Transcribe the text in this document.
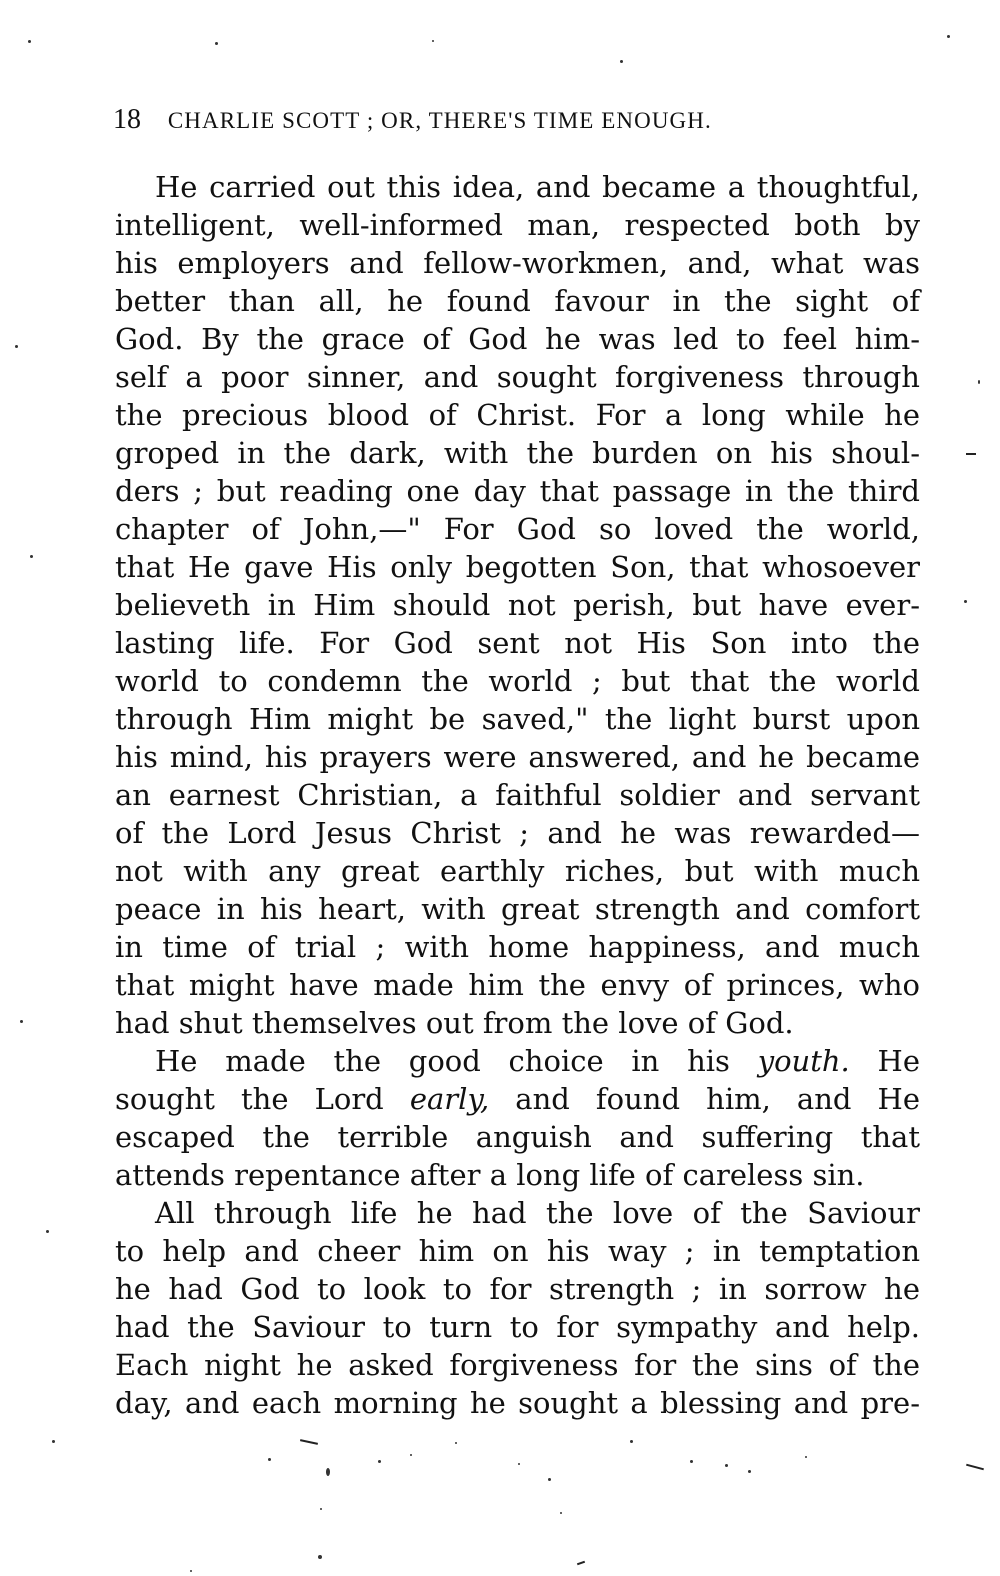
18 CHARLIE SCOTT ; OR, THERE'S TIME ENOUGH.
He carried out this idea, and became a thoughtful,
intelligent, well-informed man, respected both by
his employers and fellow-workmen, and, what was
better than all, he found favour in the sight of
God. By the grace of God he was led to feel him-
self a poor sinner, and sought forgiveness through
the precious blood of Christ. For a long while he
groped in the dark, with the burden on his shoul-
ders ; but reading one day that passage in the third
chapter of John,—" For God so loved the world,
that He gave His only begotten Son, that whosoever
believeth in Him should not perish, but have ever-
lasting life. For God sent not His Son into the
world to condemn the world ; but that the world
through Him might be saved," the light burst upon
his mind, his prayers were answered, and he became
an earnest Christian, a faithful soldier and servant
of the Lord Jesus Christ ; and he was rewarded—
not with any great earthly riches, but with much
peace in his heart, with great strength and comfort
in time of trial ; with home happiness, and much
that might have made him the envy of princes, who
had shut themselves out from the love of God.
He made the good choice in his youth. He
sought the Lord early, and found him, and He
escaped the terrible anguish and suffering that
attends repentance after a long life of careless sin.
All through life he had the love of the Saviour
to help and cheer him on his way ; in temptation
he had God to look to for strength ; in sorrow he
had the Saviour to turn to for sympathy and help.
Each night he asked forgiveness for the sins of the
day, and each morning he sought a blessing and pre-
